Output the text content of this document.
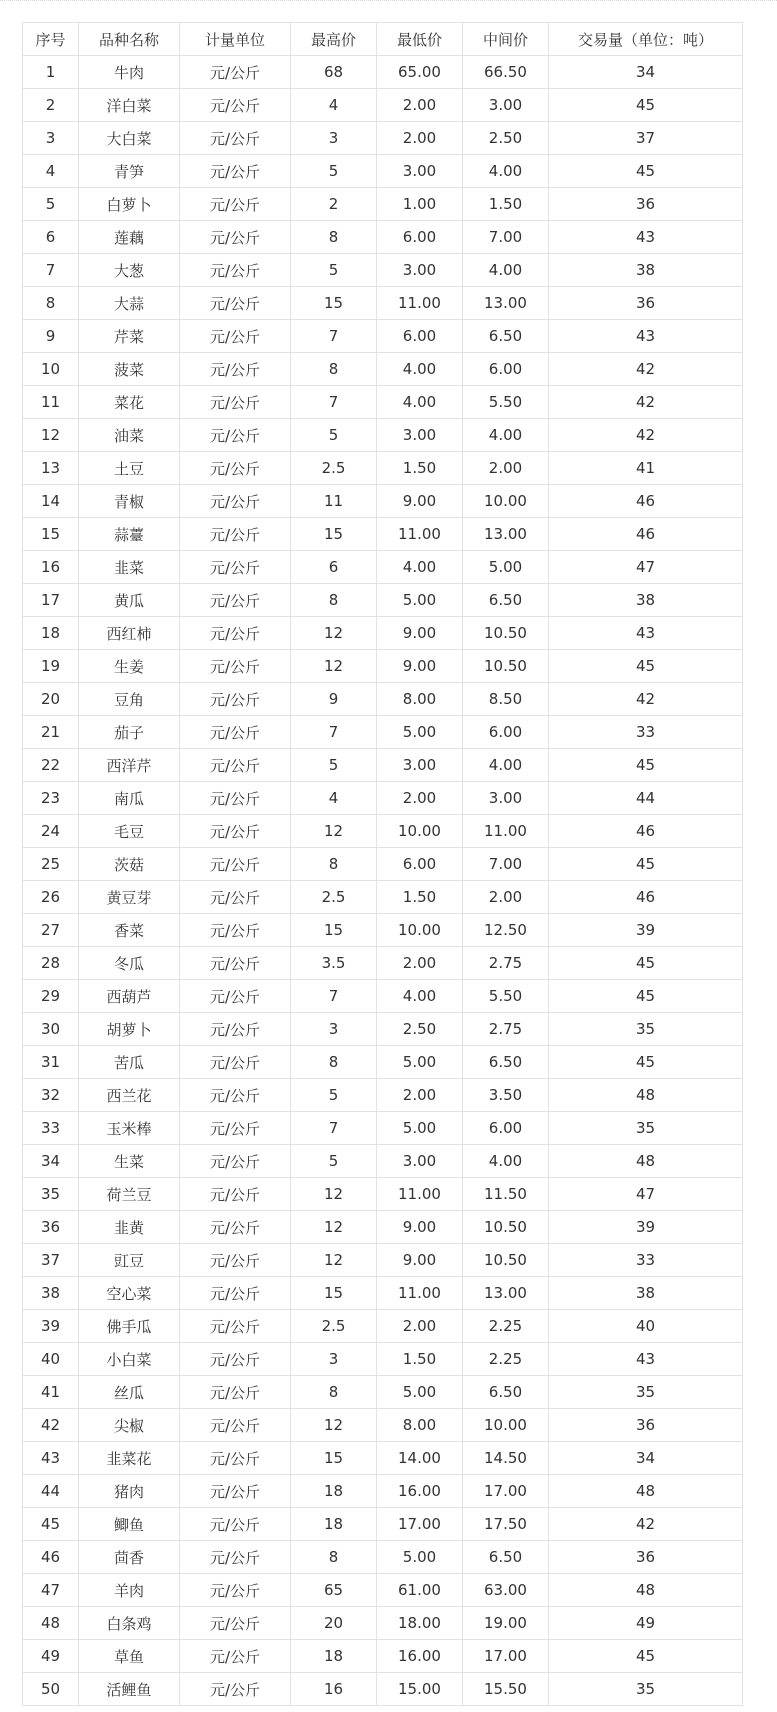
序号	品种名称	计量单位	最高价	最低价	中间价	交易量（单位：吨）
1	牛肉	元/公斤	68	65.00	66.50	34
2	洋白菜	元/公斤	4	2.00	3.00	45
3	大白菜	元/公斤	3	2.00	2.50	37
4	青笋	元/公斤	5	3.00	4.00	45
5	白萝卜	元/公斤	2	1.00	1.50	36
6	莲藕	元/公斤	8	6.00	7.00	43
7	大葱	元/公斤	5	3.00	4.00	38
8	大蒜	元/公斤	15	11.00	13.00	36
9	芹菜	元/公斤	7	6.00	6.50	43
10	菠菜	元/公斤	8	4.00	6.00	42
11	菜花	元/公斤	7	4.00	5.50	42
12	油菜	元/公斤	5	3.00	4.00	42
13	土豆	元/公斤	2.5	1.50	2.00	41
14	青椒	元/公斤	11	9.00	10.00	46
15	蒜薹	元/公斤	15	11.00	13.00	46
16	韭菜	元/公斤	6	4.00	5.00	47
17	黄瓜	元/公斤	8	5.00	6.50	38
18	西红柿	元/公斤	12	9.00	10.50	43
19	生姜	元/公斤	12	9.00	10.50	45
20	豆角	元/公斤	9	8.00	8.50	42
21	茄子	元/公斤	7	5.00	6.00	33
22	西洋芹	元/公斤	5	3.00	4.00	45
23	南瓜	元/公斤	4	2.00	3.00	44
24	毛豆	元/公斤	12	10.00	11.00	46
25	茨菇	元/公斤	8	6.00	7.00	45
26	黄豆芽	元/公斤	2.5	1.50	2.00	46
27	香菜	元/公斤	15	10.00	12.50	39
28	冬瓜	元/公斤	3.5	2.00	2.75	45
29	西葫芦	元/公斤	7	4.00	5.50	45
30	胡萝卜	元/公斤	3	2.50	2.75	35
31	苦瓜	元/公斤	8	5.00	6.50	45
32	西兰花	元/公斤	5	2.00	3.50	48
33	玉米棒	元/公斤	7	5.00	6.00	35
34	生菜	元/公斤	5	3.00	4.00	48
35	荷兰豆	元/公斤	12	11.00	11.50	47
36	韭黄	元/公斤	12	9.00	10.50	39
37	豇豆	元/公斤	12	9.00	10.50	33
38	空心菜	元/公斤	15	11.00	13.00	38
39	佛手瓜	元/公斤	2.5	2.00	2.25	40
40	小白菜	元/公斤	3	1.50	2.25	43
41	丝瓜	元/公斤	8	5.00	6.50	35
42	尖椒	元/公斤	12	8.00	10.00	36
43	韭菜花	元/公斤	15	14.00	14.50	34
44	猪肉	元/公斤	18	16.00	17.00	48
45	鲫鱼	元/公斤	18	17.00	17.50	42
46	茴香	元/公斤	8	5.00	6.50	36
47	羊肉	元/公斤	65	61.00	63.00	48
48	白条鸡	元/公斤	20	18.00	19.00	49
49	草鱼	元/公斤	18	16.00	17.00	45
50	活鲤鱼	元/公斤	16	15.00	15.50	35
